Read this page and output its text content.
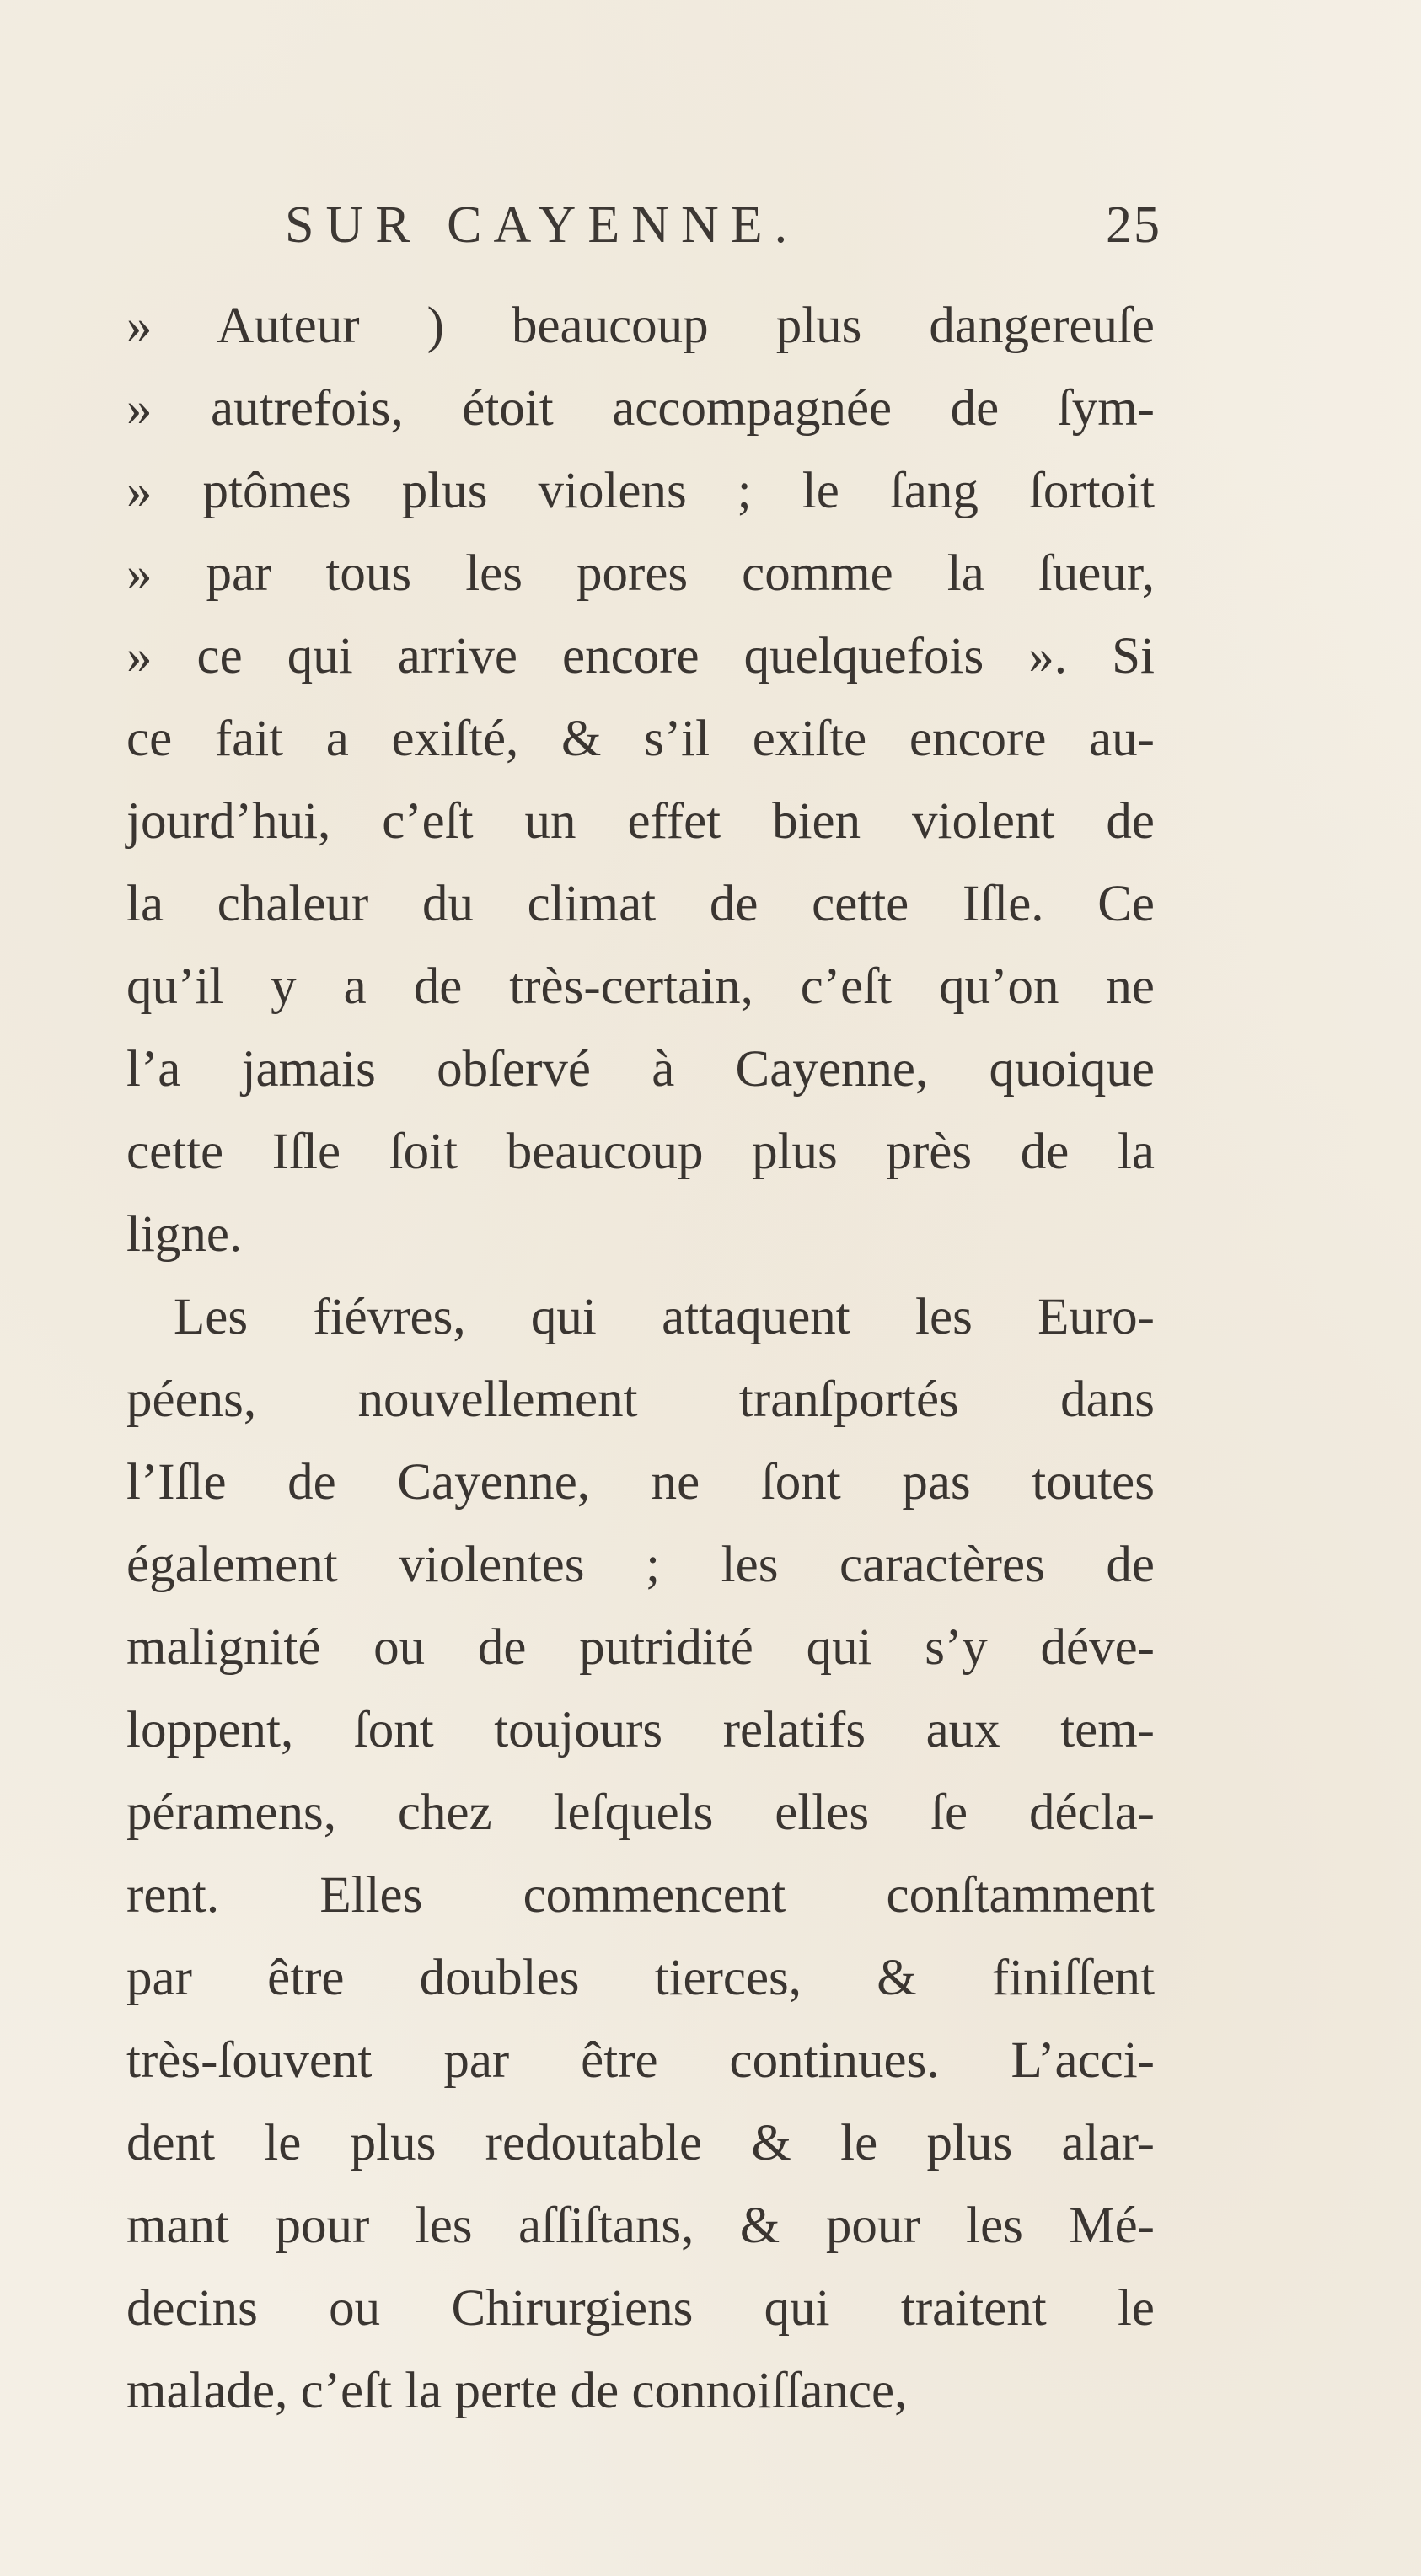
SUR CAYENNE.	25
» Auteur ) beaucoup plus dangereuſe
» autrefois, étoit accompagnée de ſym-
» ptômes plus violens ; le ſang ſortoit
» par tous les pores comme la ſueur,
» ce qui arrive encore quelquefois ». Si
ce fait a exiſté, & s’il exiſte encore au-
jourd’hui, c’eſt un effet bien violent de
la chaleur du climat de cette Iſle. Ce
qu’il y a de très-certain, c’eſt qu’on ne
l’a jamais obſervé à Cayenne, quoique
cette Iſle ſoit beaucoup plus près de la
ligne.
Les fiévres, qui attaquent les Euro-
péens, nouvellement tranſportés dans
l’Iſle de Cayenne, ne ſont pas toutes
également violentes ; les caractères de
malignité ou de putridité qui s’y déve-
loppent, ſont toujours relatifs aux tem-
péramens, chez leſquels elles ſe décla-
rent. Elles commencent conſtamment
par être doubles tierces, & finiſſent
très-ſouvent par être continues. L’acci-
dent le plus redoutable & le plus alar-
mant pour les aſſiſtans, & pour les Mé-
decins ou Chirurgiens qui traitent le
malade, c’eſt la perte de connoiſſance,
